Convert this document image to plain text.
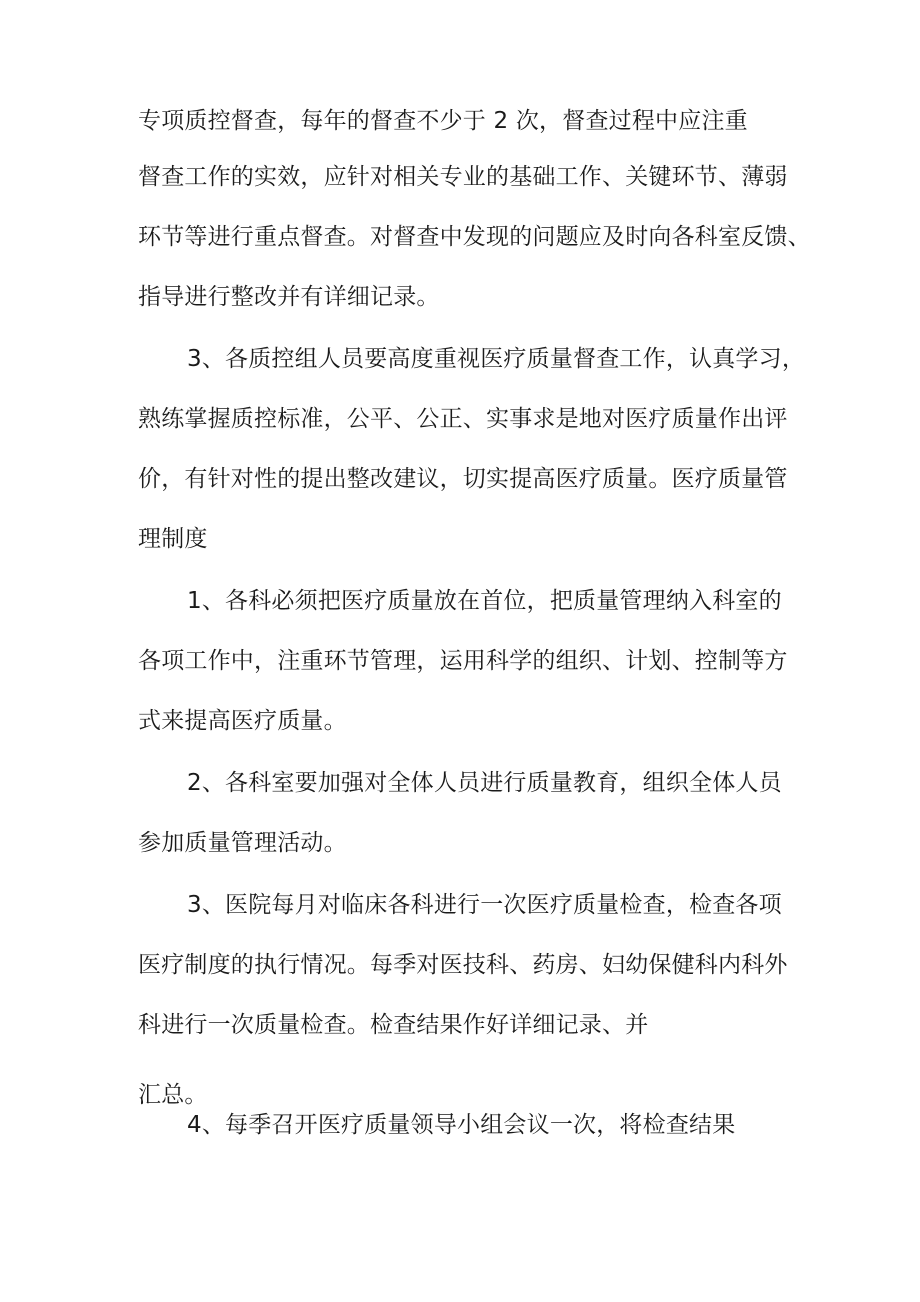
专项质控督查，每年的督查不少于 2 次，督查过程中应注重
督查工作的实效，应针对相关专业的基础工作、关键环节、薄弱
环节等进行重点督查。对督查中发现的问题应及时向各科室反馈、
指导进行整改并有详细记录。
3、各质控组人员要高度重视医疗质量督查工作，认真学习，
熟练掌握质控标准，公平、公正、实事求是地对医疗质量作出评
价，有针对性的提出整改建议，切实提高医疗质量。医疗质量管
理制度
1、各科必须把医疗质量放在首位，把质量管理纳入科室的
各项工作中，注重环节管理，运用科学的组织、计划、控制等方
式来提高医疗质量。
2、各科室要加强对全体人员进行质量教育，组织全体人员
参加质量管理活动。
3、医院每月对临床各科进行一次医疗质量检查，检查各项
医疗制度的执行情况。每季对医技科、药房、妇幼保健科内科外
科进行一次质量检查。检查结果作好详细记录、并
汇总。
4、每季召开医疗质量领导小组会议一次，将检查结果
